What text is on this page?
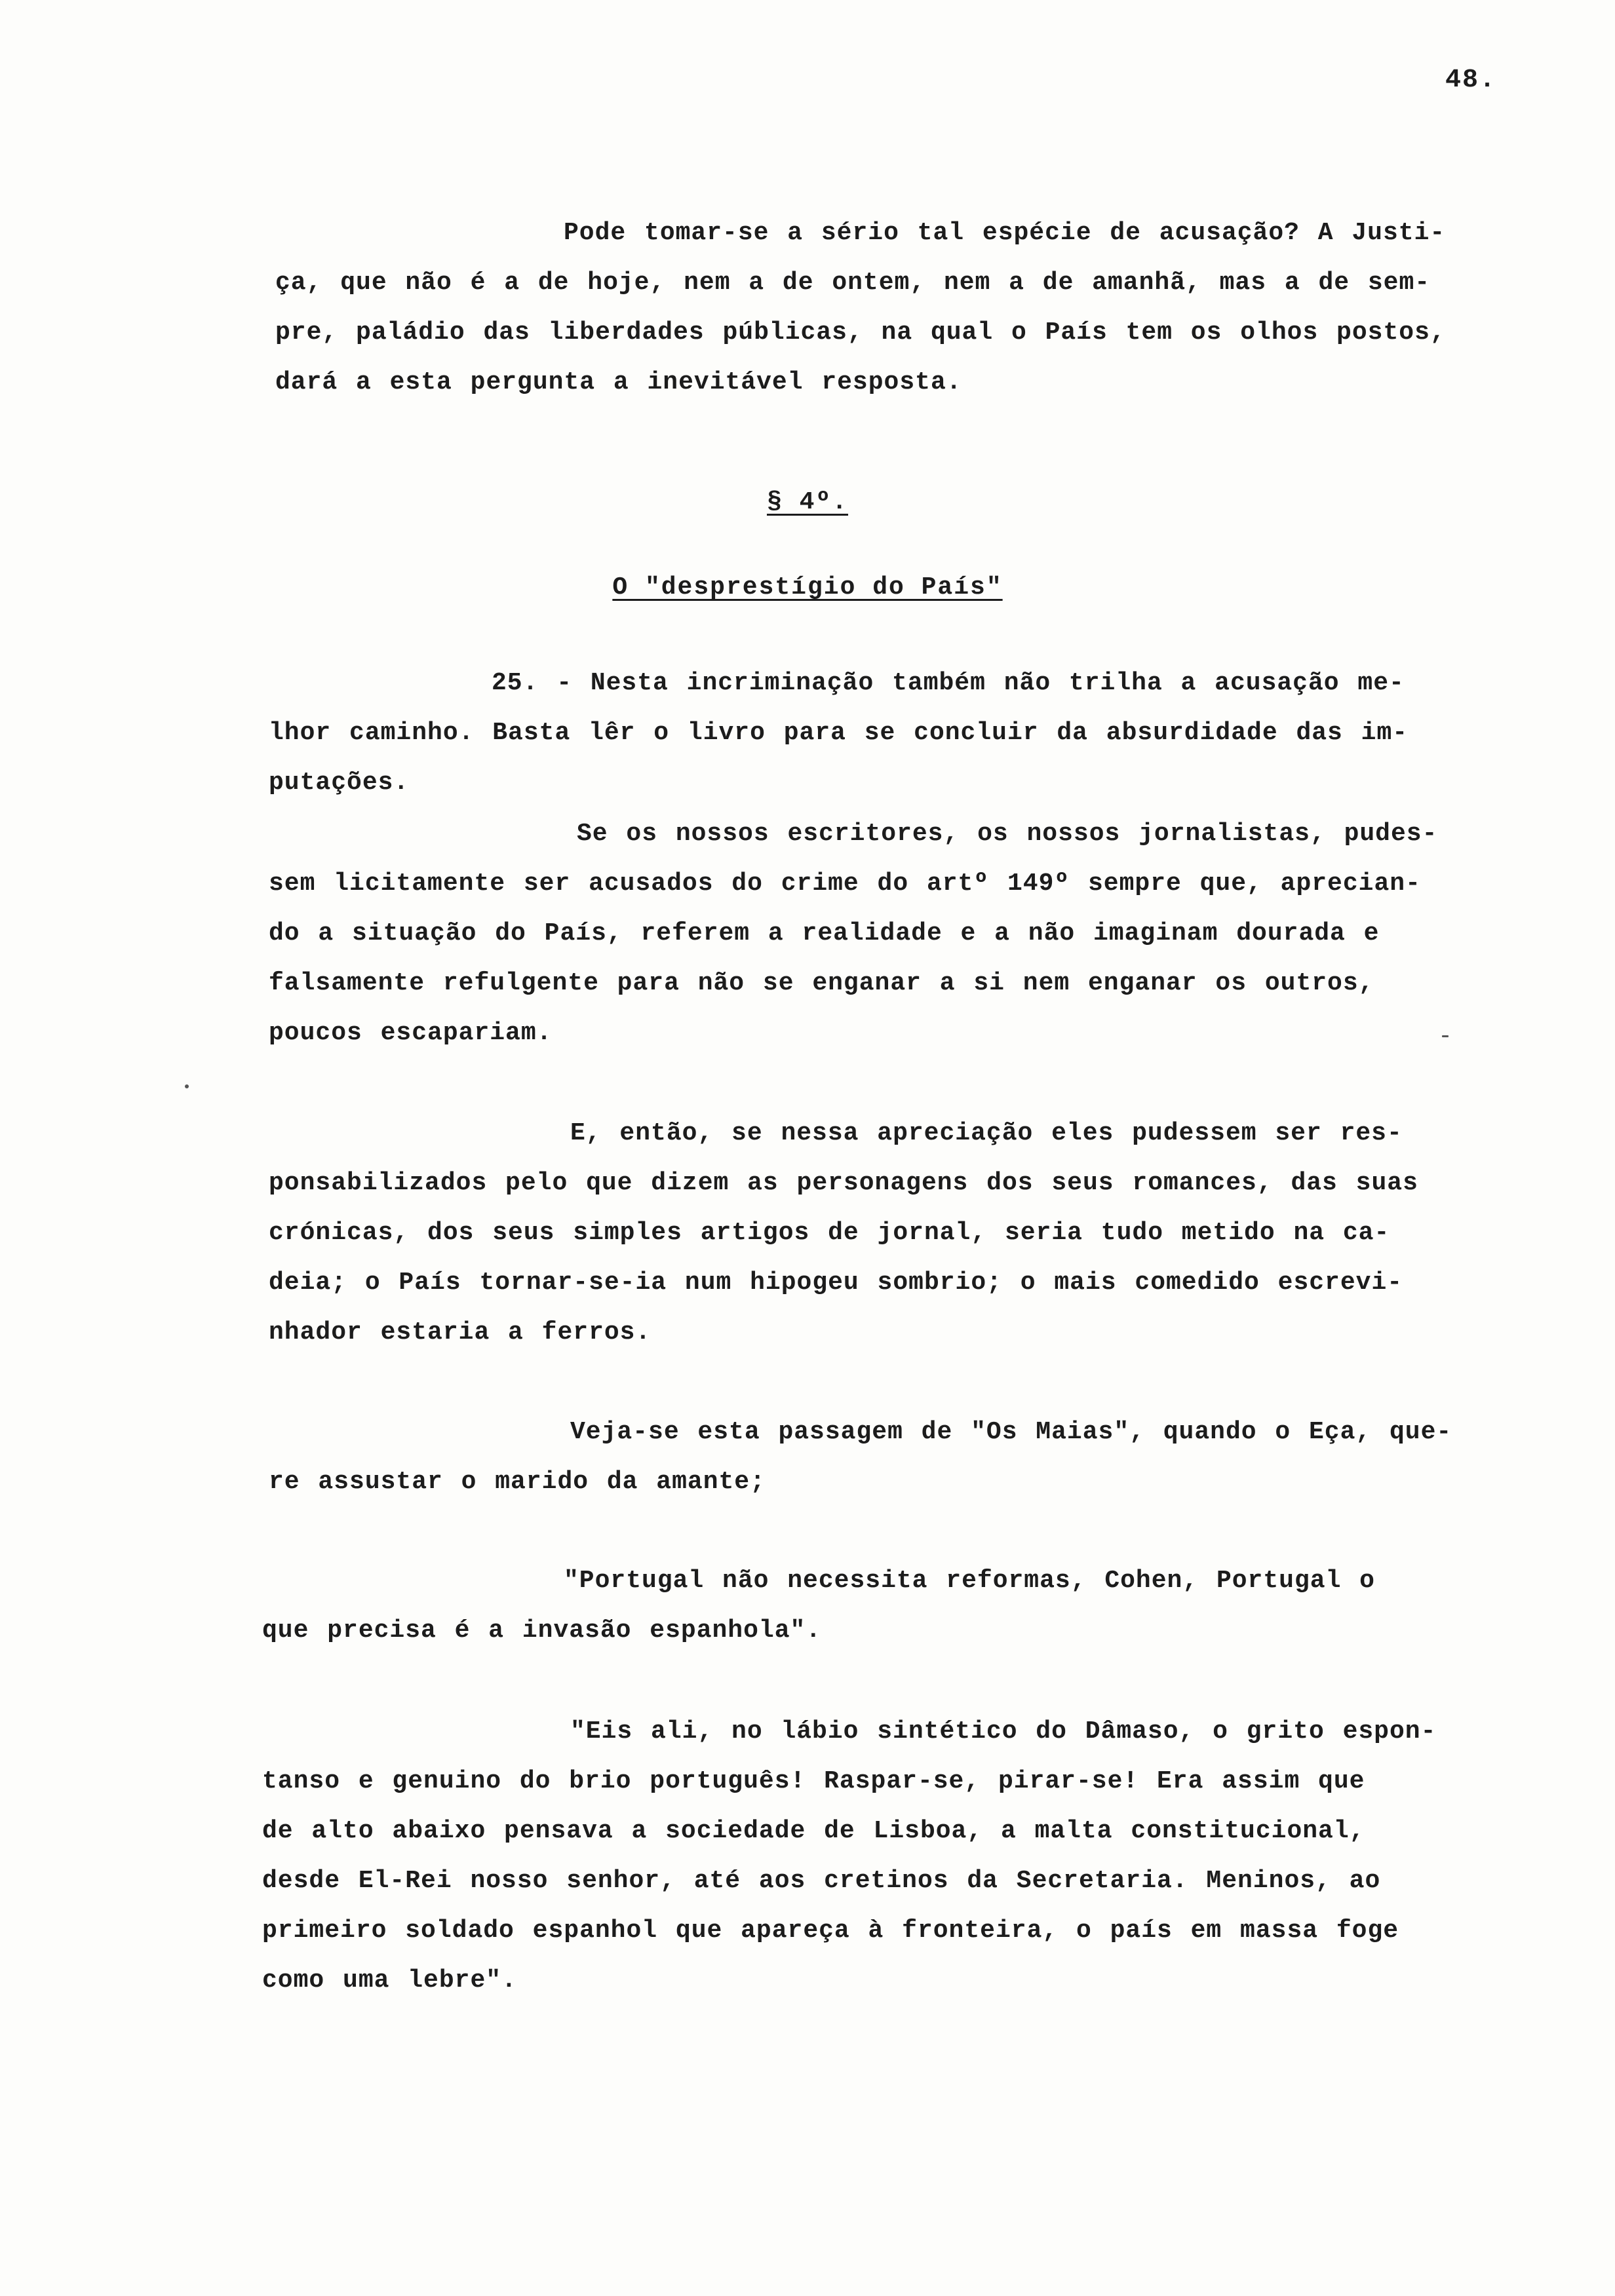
48.
Pode tomar-se a sério tal espécie de acusação? A Justi-
ça, que não é a de hoje, nem a de ontem, nem a de amanhã, mas a de sem-
pre, paládio das liberdades públicas, na qual o País tem os olhos postos,
dará a esta pergunta a inevitável resposta.
§ 4º.
O "desprestígio do País"
25. - Nesta incriminação também não trilha a acusação me-
lhor caminho. Basta lêr o livro para se concluir da absurdidade das im-
putações.
Se os nossos escritores, os nossos jornalistas, pudes-
sem licitamente ser acusados do crime do artº 149º sempre que, aprecian-
do a situação do País, referem a realidade e a não imaginam dourada e
falsamente refulgente para não se enganar a si nem enganar os outros,
poucos escapariam.
E, então, se nessa apreciação eles pudessem ser res-
ponsabilizados pelo que dizem as personagens dos seus romances, das suas
crónicas, dos seus simples artigos de jornal, seria tudo metido na ca-
deia; o País tornar-se-ia num hipogeu sombrio; o mais comedido escrevi-
nhador estaria a ferros.
Veja-se esta passagem de "Os Maias", quando o Eça, que-
re assustar o marido da amante;
"Portugal não necessita reformas, Cohen, Portugal o
que precisa é a invasão espanhola".
"Eis ali, no lábio sintético do Dâmaso, o grito espon-
tanso e genuino do brio português! Raspar-se, pirar-se! Era assim que
de alto abaixo pensava a sociedade de Lisboa, a malta constitucional,
desde El-Rei nosso senhor, até aos cretinos da Secretaria. Meninos, ao
primeiro soldado espanhol que apareça à fronteira, o país em massa foge
como uma lebre".
